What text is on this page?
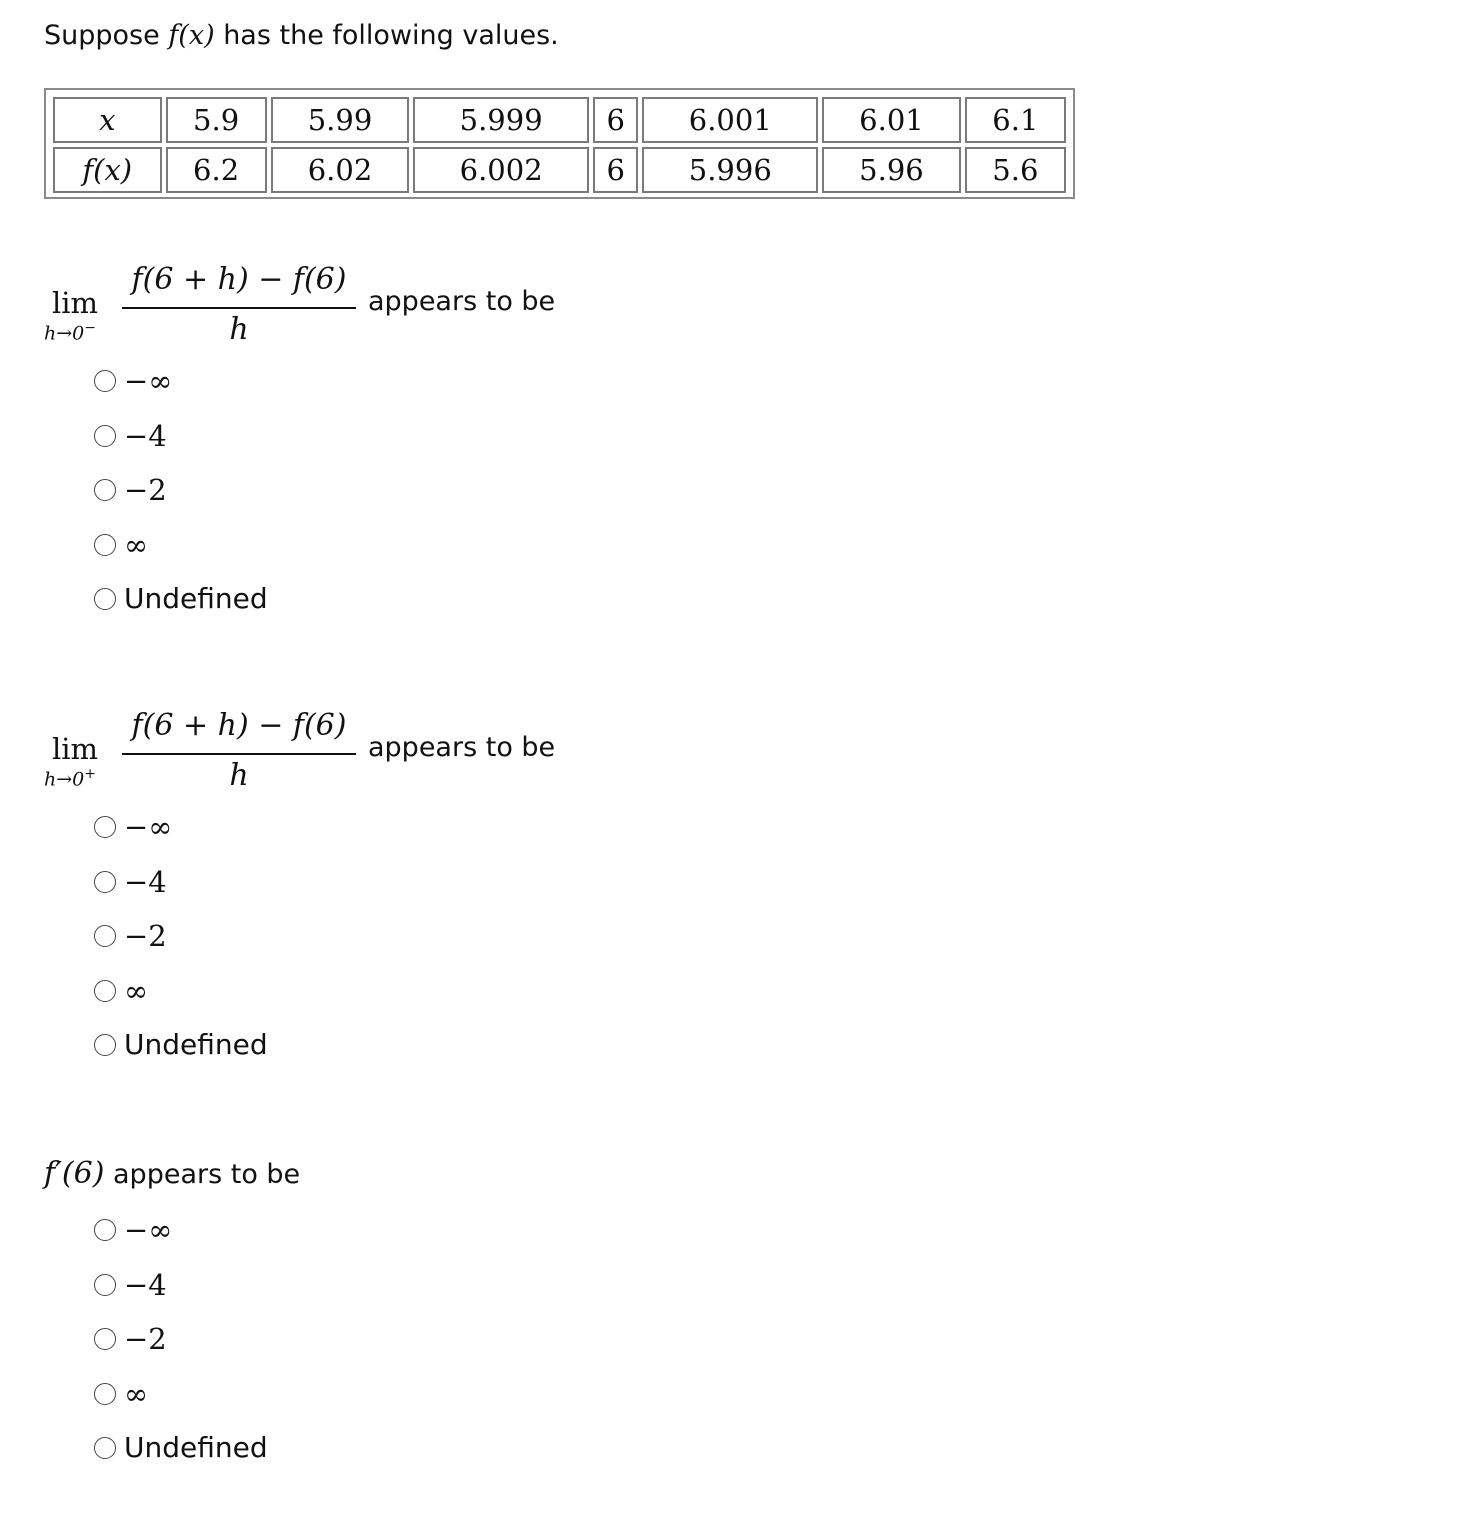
Suppose f(x) has the following values.
x	5.9	5.99	5.999	6	6.001	6.01	6.1
f(x)	6.2	6.02	6.002	6	5.996	5.96	5.6
lim
h→0−
f(6 + h) − f(6)
h
appears to be
−∞
−4
−2
∞
Undefined
lim
h→0+
f(6 + h) − f(6)
h
appears to be
−∞
−4
−2
∞
Undefined
f′(6) appears to be
−∞
−4
−2
∞
Undefined
